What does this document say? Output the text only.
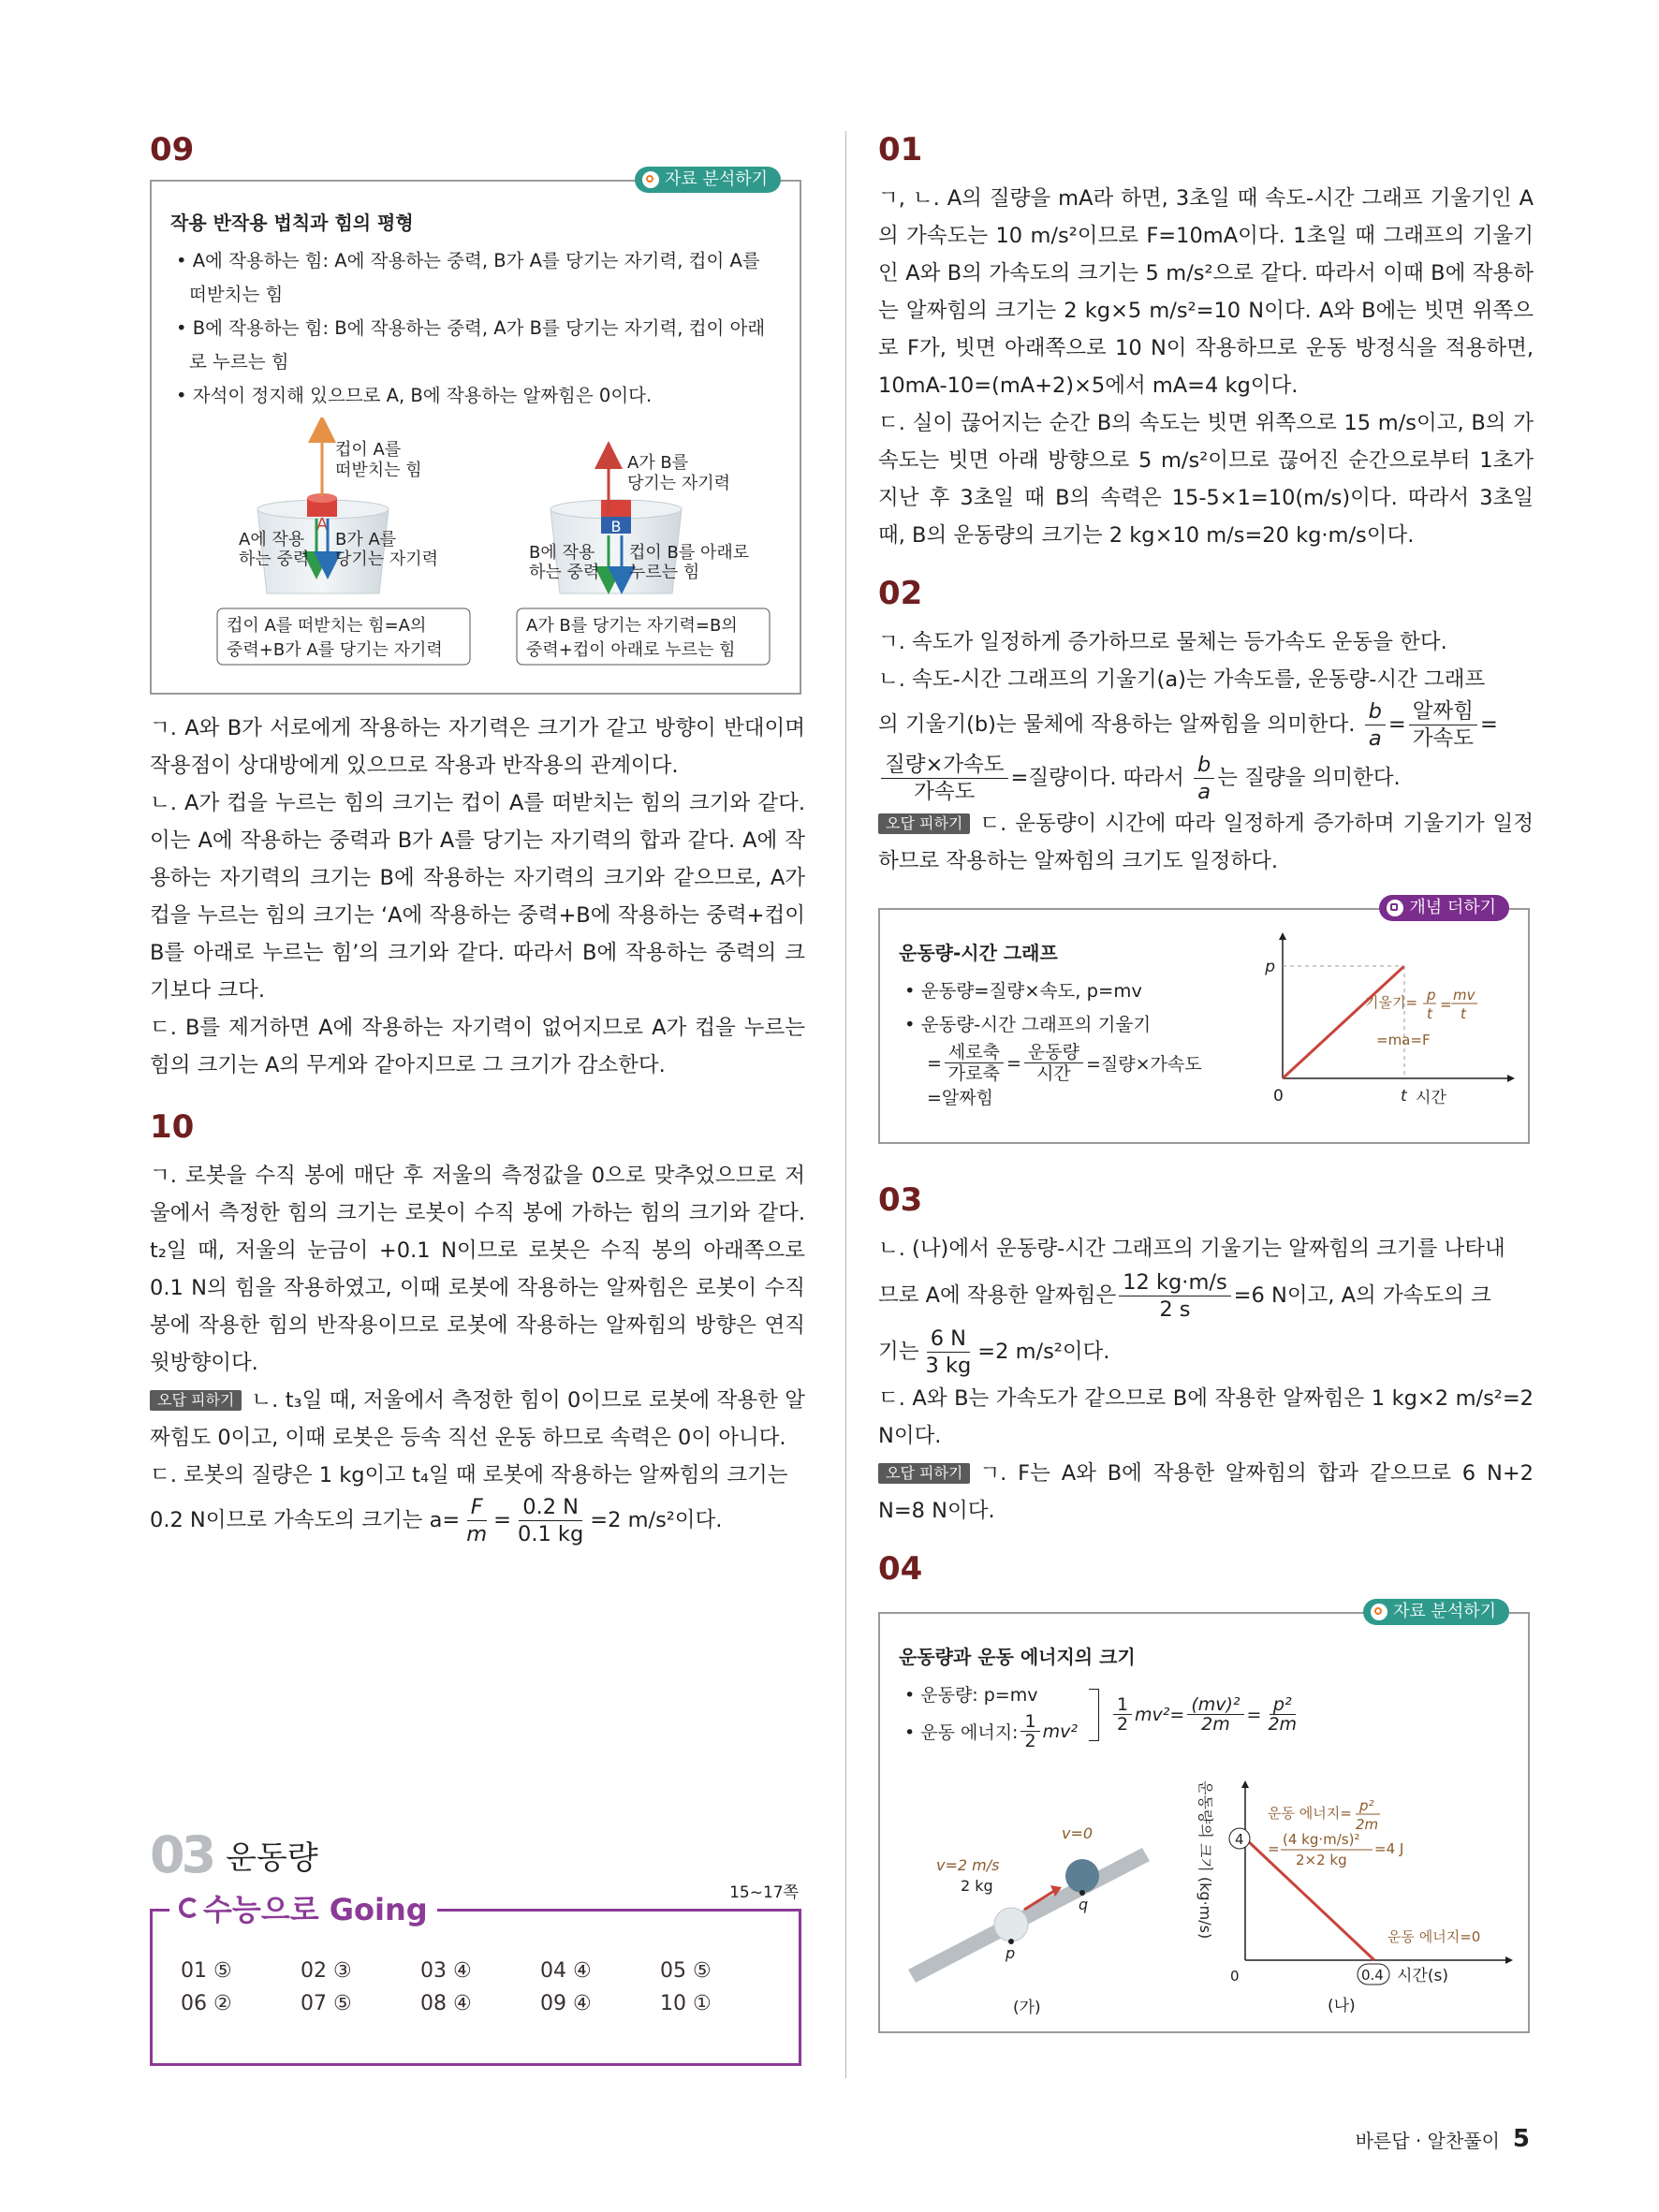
09
자료 분석하기

작용 반작용 법칙과 힘의 평형

• A에 작용하는 힘: A에 작용하는 중력, B가 A를 당기는 자기력, 컵이 A를 떠받치는 힘

• B에 작용하는 힘: B에 작용하는 중력, A가 B를 당기는 자기력, 컵이 아래로 누르는 힘

• 자석이 정지해 있으므로 A, B에 작용하는 알짜힘은 0이다.

A
컵이 A를
떠받치는 힘
A에 작용
하는 중력
B가 A를
당기는 자기력
B
A가 B를
당기는 자기력
B에 작용
하는 중력
컵이 B를 아래로
누르는 힘
컵이 A를 떠받치는 힘=A의
중력+B가 A를 당기는 자기력
A가 B를 당기는 자기력=B의
중력+컵이 아래로 누르는 힘

ㄱ. A와 B가 서로에게 작용하는 자기력은 크기가 같고 방향이 반대이며 작용점이 상대방에게 있으므로 작용과 반작용의 관계이다.

ㄴ. A가 컵을 누르는 힘의 크기는 컵이 A를 떠받치는 힘의 크기와 같다. 이는 A에 작용하는 중력과 B가 A를 당기는 자기력의 합과 같다. A에 작용하는 자기력의 크기는 B에 작용하는 자기력의 크기와 같으므로, A가 컵을 누르는 힘의 크기는 ‘A에 작용하는 중력+B에 작용하는 중력+컵이 B를 아래로 누르는 힘’의 크기와 같다. 따라서 B에 작용하는 중력의 크기보다 크다.

ㄷ. B를 제거하면 A에 작용하는 자기력이 없어지므로 A가 컵을 누르는 힘의 크기는 A의 무게와 같아지므로 그 크기가 감소한다.

10

ㄱ. 로봇을 수직 봉에 매단 후 저울의 측정값을 0으로 맞추었으므로 저울에서 측정한 힘의 크기는 로봇이 수직 봉에 가하는 힘의 크기와 같다. t₂일 때, 저울의 눈금이 +0.1 N이므로 로봇은 수직 봉의 아래쪽으로 0.1 N의 힘을 작용하였고, 이때 로봇에 작용하는 알짜힘은 로봇이 수직 봉에 작용한 힘의 반작용이므로 로봇에 작용하는 알짜힘의 방향은 연직 윗방향이다.

오답 피하기 ㄴ. t₃일 때, 저울에서 측정한 힘이 0이므로 로봇에 작용한 알짜힘도 0이고, 이때 로봇은 등속 직선 운동 하므로 속력은 0이 아니다.

ㄷ. 로봇의 질량은 1 kg이고 t₄일 때 로봇에 작용하는 알짜힘의 크기는

0.2 N이므로 가속도의 크기는 $a= \frac{F}{m} = \frac{0.2 N}{0.1 kg} =2$ m/s²이다.

03 운동량
수능으로 Going	15~17쪽
01 ⑤	02 ③	03 ④	04 ④	05 ⑤
06 ②	07 ⑤	08 ④	09 ④	10 ①
01

ㄱ, ㄴ. A의 질량을 mA라 하면, 3초일 때 속도-시간 그래프 기울기인 A의 가속도는 10 m/s²이므로 F=10mA이다. 1초일 때 그래프의 기울기인 A와 B의 가속도의 크기는 5 m/s²으로 같다. 따라서 이때 B에 작용하는 알짜힘의 크기는 2 kg×5 m/s²=10 N이다. A와 B에는 빗면 위쪽으로 F가, 빗면 아래쪽으로 10 N이 작용하므로 운동 방정식을 적용하면, 10mA-10=(mA+2)×5에서 mA=4 kg이다.

ㄷ. 실이 끊어지는 순간 B의 속도는 빗면 위쪽으로 15 m/s이고, B의 가속도는 빗면 아래 방향으로 5 m/s²이므로 끊어진 순간으로부터 1초가 지난 후 3초일 때 B의 속력은 15-5×1=10(m/s)이다. 따라서 3초일 때, B의 운동량의 크기는 2 kg×10 m/s=20 kg·m/s이다.

02

ㄱ. 속도가 일정하게 증가하므로 물체는 등가속도 운동을 한다.

ㄴ. 속도-시간 그래프의 기울기(a)는 가속도를, 운동량-시간 그래프

의 기울기(b)는 물체에 작용하는 알짜힘을 의미한다. $\frac{b}{a} = \frac{\text{알짜힘}}{\text{가속도}}$ =

$\frac{\text{질량×가속도}}{\text{가속도}}$ =질량이다. 따라서 $\frac{b}{a}$ 는 질량을 의미한다.

오답 피하기 ㄷ. 운동량이 시간에 따라 일정하게 증가하며 기울기가 일정하므로 작용하는 알짜힘의 크기도 일정하다.

개념 더하기

운동량-시간 그래프

• 운동량=질량×속도, p=mv

• 운동량-시간 그래프의 기울기

= $\frac{\text{세로축}}{\text{가로축}} = \frac{\text{운동량}}{\text{시간}}$ =질량×가속도
=알짜힘
p
0	t 시간
기울기= p
t
=
mv
t
=ma=F
03

ㄴ. (나)에서 운동량-시간 그래프의 기울기는 알짜힘의 크기를 나타내

므로 A에 작용한 알짜힘은 $\frac{12 kg\cdot m/s}{2 s} =6$ N이고, A의 가속도의 크

기는 $\frac{6 N}{3 kg} =2$ m/s²이다.

ㄷ. A와 B는 가속도가 같으므로 B에 작용한 알짜힘은 1 kg×2 m/s²=2 N이다.

오답 피하기 ㄱ. F는 A와 B에 작용한 알짜힘의 합과 같으므로 6 N+2 N=8 N이다.

04
자료 분석하기

운동량과 운동 에너지의 크기

• 운동량: p=mv
• 운동 에너지: $\frac{1}{2} mv^2 \frac{1}{2} mv^2= \frac{\text{(mv)²}}{2m} = \frac{\text{p²}}{2m}$
v=2 m/s
2 kg
v=0
p
q
(가)
4
0.4 시간(s)
0
운동량의 크기 (kg·m/s)	운동 에너지= p²
2m
=
(4 kg·m/s)²
2×2 kg
=4 J
운동 에너지=0
(나)
바른답 · 알찬풀이 5
